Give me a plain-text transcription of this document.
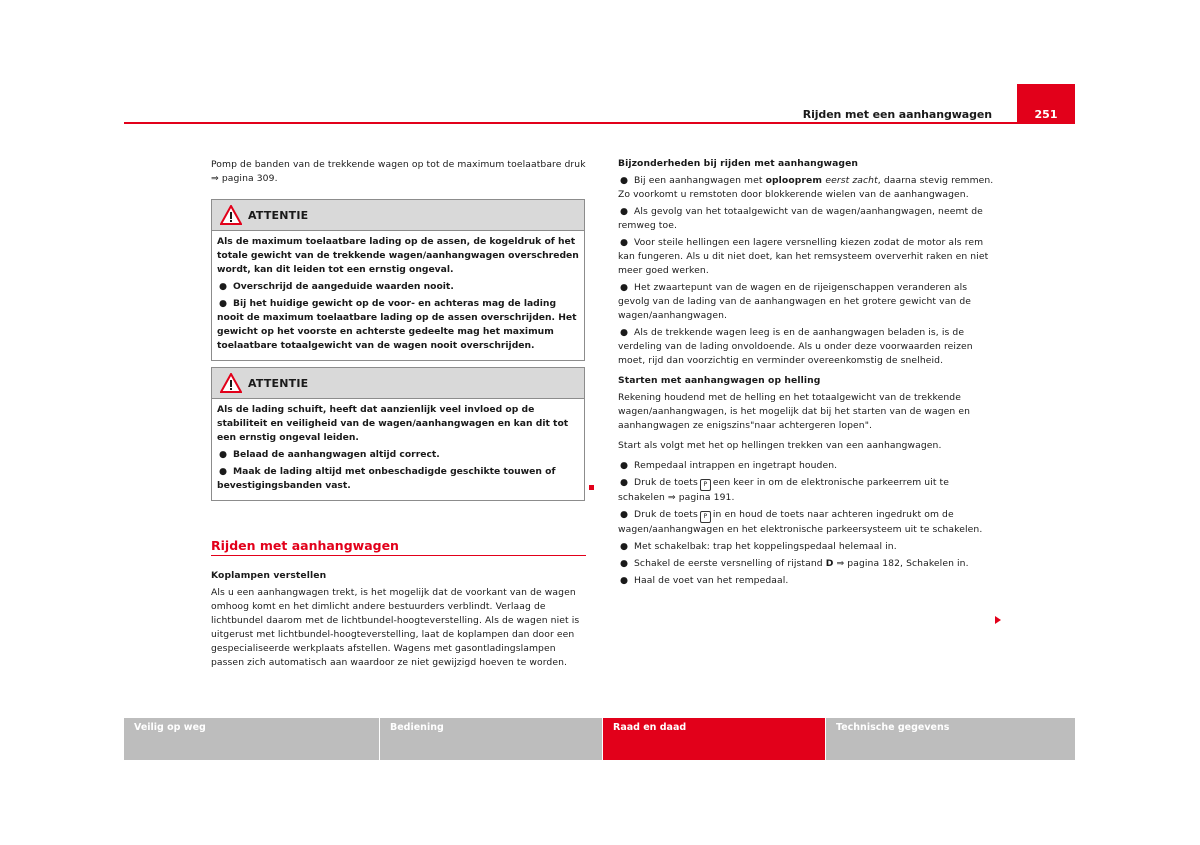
Rijden met een aanhangwagen	251

Pomp de banden van de trekkende wagen op tot de maximum toelaatbare druk ⇒ pagina 309.

ATTENTIE

Als de maximum toelaatbare lading op de assen, de kogeldruk of het totale gewicht van de trekkende wagen/aanhangwagen overschreden wordt, kan dit leiden tot een ernstig ongeval.

● Overschrijd de aangeduide waarden nooit.

● Bij het huidige gewicht op de voor- en achteras mag de lading nooit de maximum toelaatbare lading op de assen overschrijden. Het gewicht op het voorste en achterste gedeelte mag het maximum toelaatbare totaalgewicht van de wagen nooit overschrijden.

ATTENTIE

Als de lading schuift, heeft dat aanzienlijk veel invloed op de stabiliteit en veiligheid van de wagen/aanhangwagen en kan dit tot een ernstig ongeval leiden.

● Belaad de aanhangwagen altijd correct.

● Maak de lading altijd met onbeschadigde geschikte touwen of bevestigingsbanden vast.

Rijden met aanhangwagen

Koplampen verstellen

Als u een aanhangwagen trekt, is het mogelijk dat de voorkant van de wagen omhoog komt en het dimlicht andere bestuurders verblindt. Verlaag de lichtbundel daarom met de lichtbundel-hoogteverstelling. Als de wagen niet is uitgerust met lichtbundel-hoogteverstelling, laat de koplampen dan door een gespecialiseerde werkplaats afstellen. Wagens met gasontladingslampen passen zich automatisch aan waardoor ze niet gewijzigd hoeven te worden.

Bijzonderheden bij rijden met aanhangwagen

● Bij een aanhangwagen met oplooprem eerst zacht, daarna stevig remmen. Zo voorkomt u remstoten door blokkerende wielen van de aanhangwagen.

● Als gevolg van het totaalgewicht van de wagen/aanhangwagen, neemt de remweg toe.

● Voor steile hellingen een lagere versnelling kiezen zodat de motor als rem kan fungeren. Als u dit niet doet, kan het remsysteem oververhit raken en niet meer goed werken.

● Het zwaartepunt van de wagen en de rijeigenschappen veranderen als gevolg van de lading van de aanhangwagen en het grotere gewicht van de wagen/aanhangwagen.

● Als de trekkende wagen leeg is en de aanhangwagen beladen is, is de verdeling van de lading onvoldoende. Als u onder deze voorwaarden reizen moet, rijd dan voorzichtig en verminder overeenkomstig de snelheid.

Starten met aanhangwagen op helling

Rekening houdend met de helling en het totaalgewicht van de trekkende wagen/aanhangwagen, is het mogelijk dat bij het starten van de wagen en aanhangwagen ze enigszins"naar achtergeren lopen".

Start als volgt met het op hellingen trekken van een aanhangwagen.

● Rempedaal intrappen en ingetrapt houden.

● Druk de toets P een keer in om de elektronische parkeerrem uit te schakelen ⇒ pagina 191.

● Druk de toets P in en houd de toets naar achteren ingedrukt om de wagen/aanhangwagen en het elektronische parkeersysteem uit te schakelen.

● Met schakelbak: trap het koppelingspedaal helemaal in.

● Schakel de eerste versnelling of rijstand D ⇒ pagina 182, Schakelen in.

● Haal de voet van het rempedaal.

Veilig op weg	Bediening	Raad en daad	Technische gegevens
